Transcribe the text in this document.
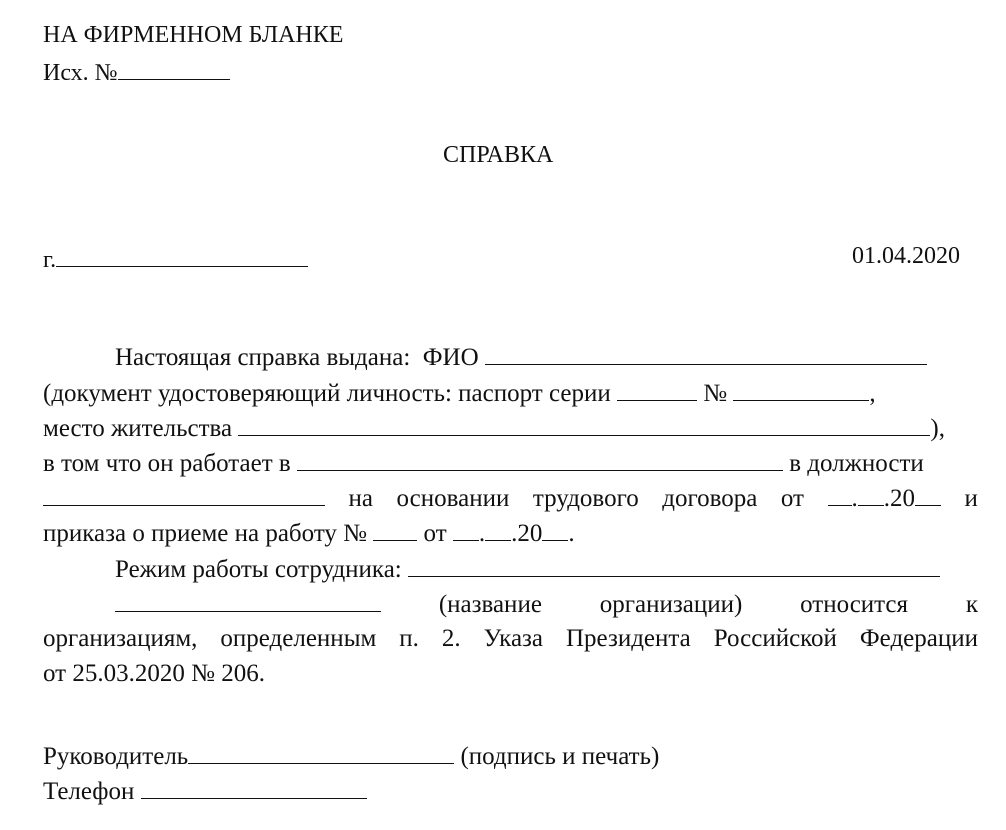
НА ФИРМЕННОМ БЛАНКЕ
Исх. №
СПРАВКА
г.	01.04.2020
Настоящая справка выдана: ФИО
(документ удостоверяющий личность: паспорт серии	№	,
место жительства	),
в том что он работает в	в должности
на основании трудового договора от	. .20	и
приказа о приеме на работу № от . .20 .
Режим работы сотрудника:
(название организации) относится к
организациям, определенным п. 2. Указа Президента Российской Федерации
от 25.03.2020 № 206.
Руководитель	(подпись и печать)
Телефон
